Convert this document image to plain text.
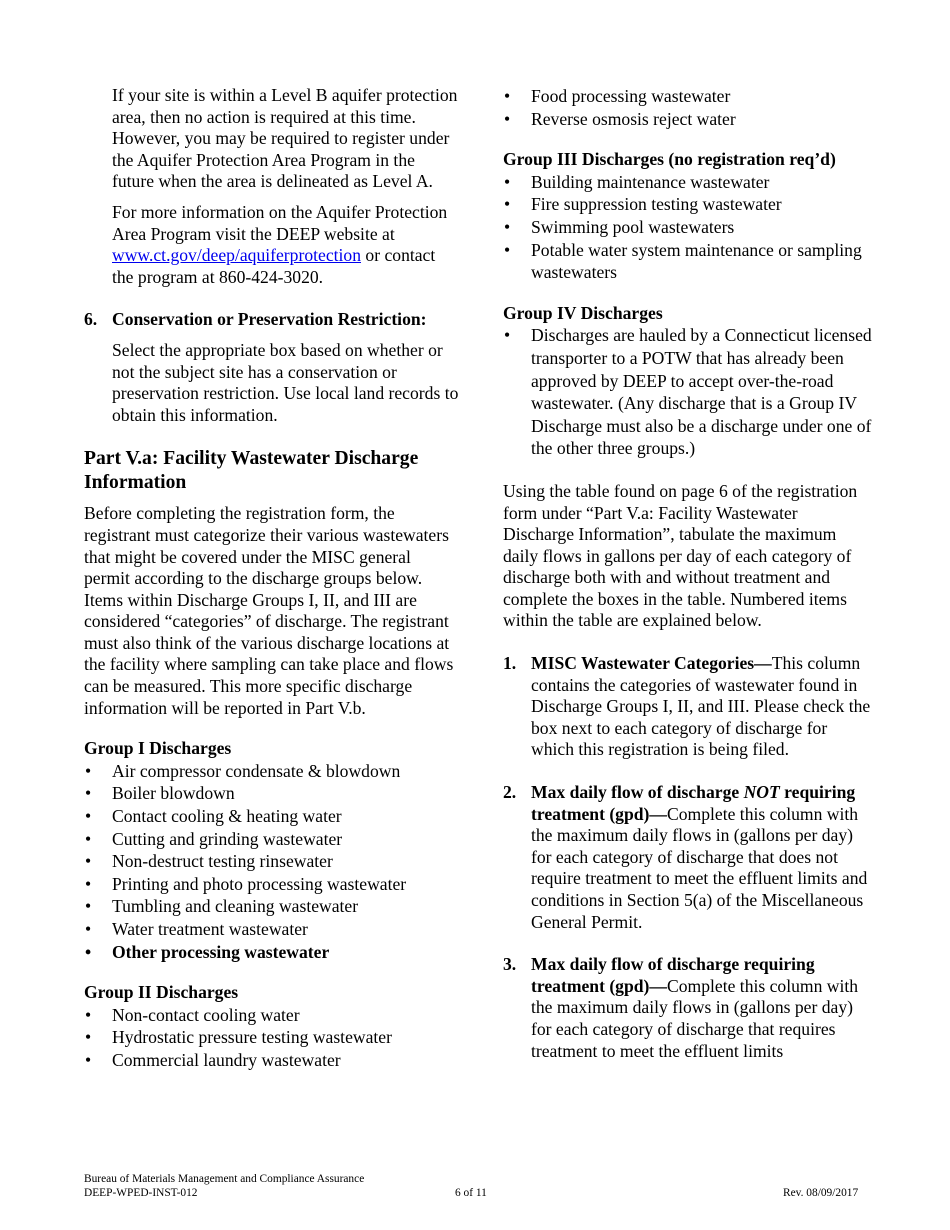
If your site is within a Level B aquifer protection area, then no action is required at this time. However, you may be required to register under the Aquifer Protection Area Program in the future when the area is delineated as Level A.

For more information on the Aquifer Protection Area Program visit the DEEP website at
www.ct.gov/deep/aquiferprotection or contact the program at 860-424-3020.

6. Conservation or Preservation Restriction:

Select the appropriate box based on whether or not the subject site has a conservation or preservation restriction. Use local land records to obtain this information.

Part V.a: Facility Wastewater Discharge Information

Before completing the registration form, the registrant must categorize their various wastewaters that might be covered under the MISC general permit according to the discharge groups below. Items within Discharge Groups I, II, and III are considered “categories” of discharge. The registrant must also think of the various discharge locations at the facility where sampling can take place and flows can be measured. This more specific discharge information will be reported in Part V.b.

Group I Discharges
• Air compressor condensate & blowdown
• Boiler blowdown
• Contact cooling & heating water
• Cutting and grinding wastewater
• Non-destruct testing rinsewater
• Printing and photo processing wastewater
• Tumbling and cleaning wastewater
• Water treatment wastewater
• Other processing wastewater
Group II Discharges
• Non-contact cooling water
• Hydrostatic pressure testing wastewater
• Commercial laundry wastewater
• Food processing wastewater
• Reverse osmosis reject water
Group III Discharges (no registration req’d)
• Building maintenance wastewater
• Fire suppression testing wastewater
• Swimming pool wastewaters
• Potable water system maintenance or sampling wastewaters
Group IV Discharges
• Discharges are hauled by a Connecticut licensed transporter to a POTW that has already been approved by DEEP to accept over-the-road wastewater. (Any discharge that is a Group IV Discharge must also be a discharge under one of the other three groups.)

Using the table found on page 6 of the registration form under “Part V.a: Facility Wastewater Discharge Information”, tabulate the maximum daily flows in gallons per day of each category of discharge both with and without treatment and complete the boxes in the table. Numbered items within the table are explained below.

1. MISC Wastewater Categories—This column contains the categories of wastewater found in Discharge Groups I, II, and III. Please check the box next to each category of discharge for which this registration is being filed.

2. Max daily flow of discharge NOT requiring treatment (gpd)—Complete this column with the maximum daily flows in (gallons per day) for each category of discharge that does not require treatment to meet the effluent limits and conditions in Section 5(a) of the Miscellaneous General Permit.

3. Max daily flow of discharge requiring treatment (gpd)—Complete this column with the maximum daily flows in (gallons per day) for each category of discharge that requires treatment to meet the effluent limits

Bureau of Materials Management and Compliance Assurance
DEEP-WPED-INST-012	6 of 11	Rev. 08/09/2017
